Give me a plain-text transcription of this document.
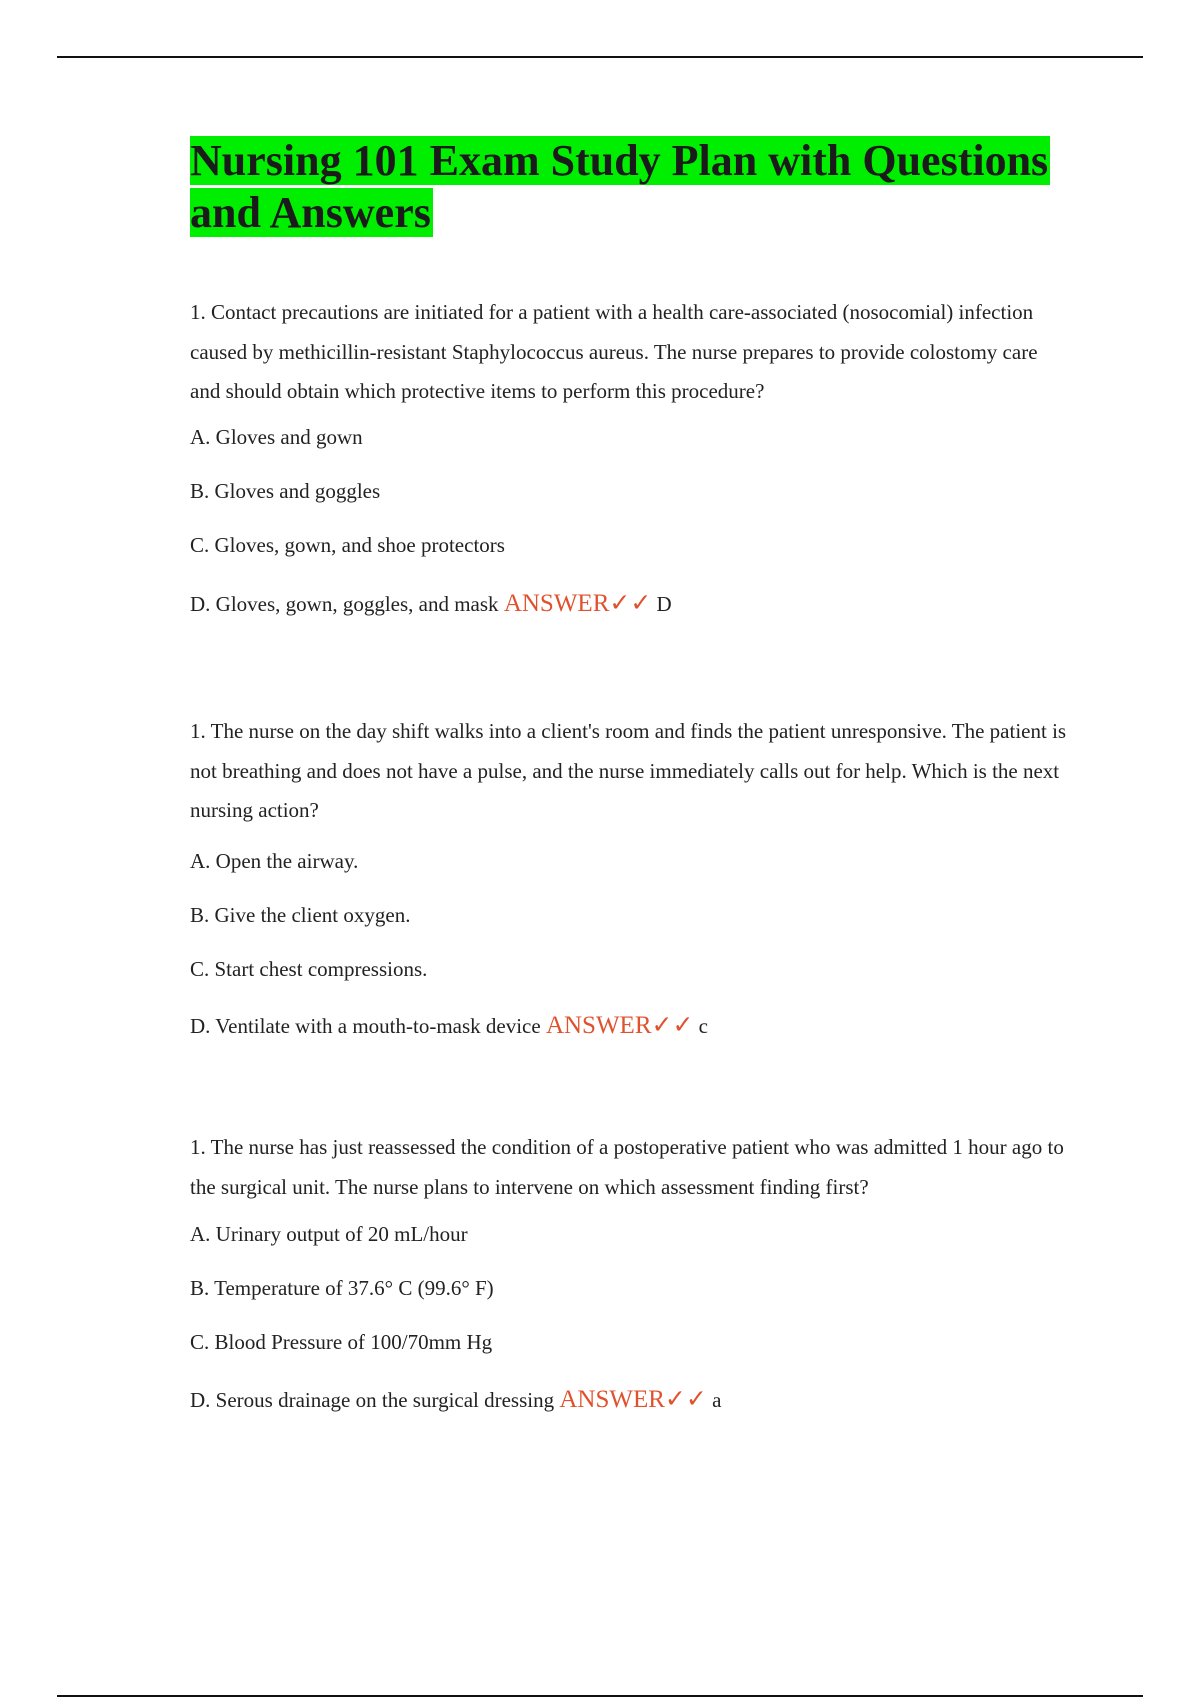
Nursing 101 Exam Study Plan with Questions and Answers

1. Contact precautions are initiated for a patient with a health care-associated (nosocomial) infection caused by methicillin-resistant Staphylococcus aureus. The nurse prepares to provide colostomy care and should obtain which protective items to perform this procedure?

A. Gloves and gown

B. Gloves and goggles

C. Gloves, gown, and shoe protectors

D. Gloves, gown, goggles, and mask ANSWER✓✓ D

1. The nurse on the day shift walks into a client's room and finds the patient unresponsive. The patient is not breathing and does not have a pulse, and the nurse immediately calls out for help. Which is the next nursing action?

A. Open the airway.

B. Give the client oxygen.

C. Start chest compressions.

D. Ventilate with a mouth-to-mask device ANSWER✓✓ c

1. The nurse has just reassessed the condition of a postoperative patient who was admitted 1 hour ago to the surgical unit. The nurse plans to intervene on which assessment finding first?

A. Urinary output of 20 mL/hour

B. Temperature of 37.6° C (99.6° F)

C. Blood Pressure of 100/70mm Hg

D. Serous drainage on the surgical dressing ANSWER✓✓ a
